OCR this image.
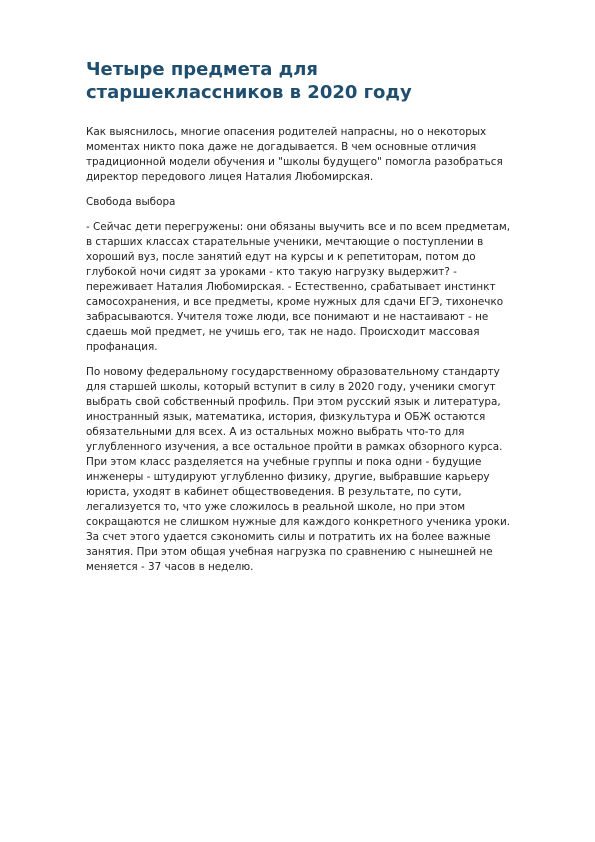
Четыре предмета для старшеклассников в 2020 году

Как выяснилось, многие опасения родителей напрасны, но о некоторых моментах никто пока даже не догадывается. В чем основные отличия традиционной модели обучения и "школы будущего" помогла разобраться директор передового лицея Наталия Любомирская.

Свобода выбора

- Сейчас дети перегружены: они обязаны выучить все и по всем предметам, в старших классах старательные ученики, мечтающие о поступлении в хороший вуз, после занятий едут на курсы и к репетиторам, потом до глубокой ночи сидят за уроками - кто такую нагрузку выдержит? - переживает Наталия Любомирская. - Естественно, срабатывает инстинкт самосохранения, и все предметы, кроме нужных для сдачи ЕГЭ, тихонечко забрасываются. Учителя тоже люди, все понимают и не настаивают - не сдаешь мой предмет, не учишь его, так не надо. Происходит массовая профанация.

По новому федеральному государственному образовательному стандарту для старшей школы, который вступит в силу в 2020 году, ученики смогут выбрать свой собственный профиль. При этом русский язык и литература, иностранный язык, математика, история, физкультура и ОБЖ остаются обязательными для всех. А из остальных можно выбрать что-то для углубленного изучения, а все остальное пройти в рамках обзорного курса. При этом класс разделяется на учебные группы и пока одни - будущие инженеры - штудируют углубленно физику, другие, выбравшие карьеру юриста, уходят в кабинет обществоведения. В результате, по сути, легализуется то, что уже сложилось в реальной школе, но при этом сокращаются не слишком нужные для каждого конкретного ученика уроки. За счет этого удается сэкономить силы и потратить их на более важные занятия. При этом общая учебная нагрузка по сравнению с нынешней не меняется - 37 часов в неделю.
